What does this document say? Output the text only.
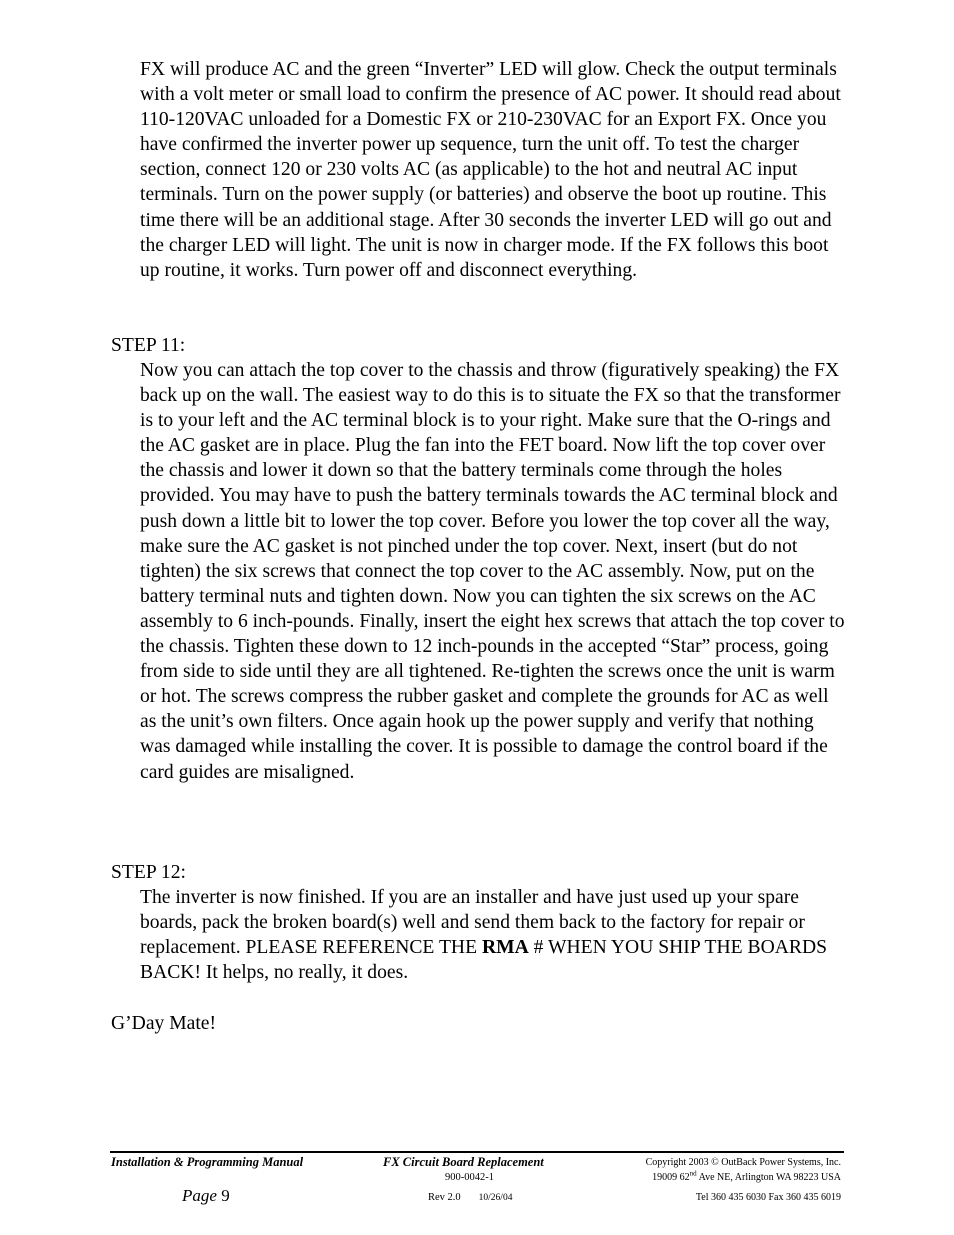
FX will produce AC and the green “Inverter” LED will glow. Check the output terminals with a volt meter or small load to confirm the presence of AC power. It should read about 110-120VAC unloaded for a Domestic FX or 210-230VAC for an Export FX. Once you have confirmed the inverter power up sequence, turn the unit off. To test the charger section, connect 120 or 230 volts AC (as applicable) to the hot and neutral AC input terminals. Turn on the power supply (or batteries) and observe the boot up routine. This time there will be an additional stage. After 30 seconds the inverter LED will go out and the charger LED will light. The unit is now in charger mode. If the FX follows this boot up routine, it works. Turn power off and disconnect everything.

STEP 11:

Now you can attach the top cover to the chassis and throw (figuratively speaking) the FX back up on the wall. The easiest way to do this is to situate the FX so that the transformer is to your left and the AC terminal block is to your right. Make sure that the O-rings and the AC gasket are in place. Plug the fan into the FET board. Now lift the top cover over the chassis and lower it down so that the battery terminals come through the holes provided. You may have to push the battery terminals towards the AC terminal block and push down a little bit to lower the top cover. Before you lower the top cover all the way, make sure the AC gasket is not pinched under the top cover. Next, insert (but do not tighten) the six screws that connect the top cover to the AC assembly. Now, put on the battery terminal nuts and tighten down. Now you can tighten the six screws on the AC assembly to 6 inch-pounds. Finally, insert the eight hex screws that attach the top cover to the chassis. Tighten these down to 12 inch-pounds in the accepted “Star” process, going from side to side until they are all tightened. Re-tighten the screws once the unit is warm or hot. The screws compress the rubber gasket and complete the grounds for AC as well as the unit’s own filters. Once again hook up the power supply and verify that nothing was damaged while installing the cover. It is possible to damage the control board if the card guides are misaligned.

STEP 12:

The inverter is now finished. If you are an installer and have just used up your spare boards, pack the broken board(s) well and send them back to the factory for repair or replacement. PLEASE REFERENCE THE RMA # WHEN YOU SHIP THE BOARDS BACK! It helps, no really, it does.

G’Day Mate!

Installation & Programming Manual

Page 9

FX Circuit Board Replacement

900-0042-1

Rev 2.0 10/26/04

Copyright 2003 © OutBack Power Systems, Inc.

19009 62nd Ave NE, Arlington WA 98223 USA

Tel 360 435 6030 Fax 360 435 6019
